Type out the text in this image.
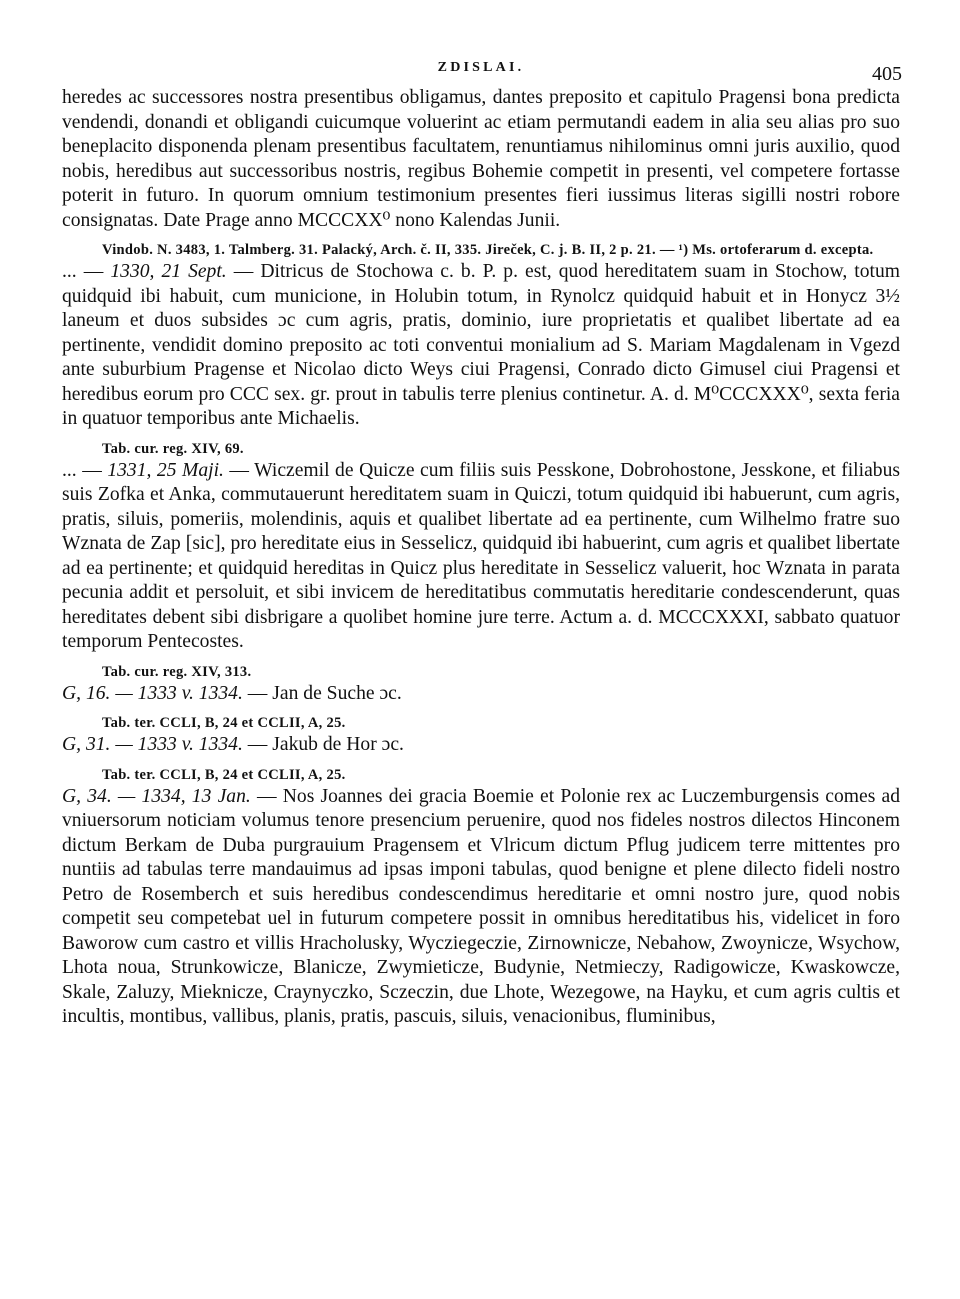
ZDISLAI.	405

heredes ac successores nostra presentibus obligamus, dantes preposito et capitulo Pragensi bona predicta vendendi, donandi et obligandi cuicumque voluerint ac etiam permutandi eadem in alia seu alias pro suo beneplacito disponenda plenam presentibus facultatem, renuntiamus nihilominus omni juris auxilio, quod nobis, heredibus aut successoribus nostris, regibus Bohemie competit in presenti, vel competere fortasse poterit in futuro. In quorum omnium testimonium presentes fieri iussimus literas sigilli nostri robore consignatas. Date Prage anno MCCCXX⁰ nono Kalendas Junii.

Vindob. N. 3483, 1. Talmberg. 31. Palacký, Arch. č. II, 335. Jireček, C. j. B. II, 2 p. 21. — ¹) Ms. ortoferarum d. excepta.

... — 1330, 21 Sept. — Ditricus de Stochowa c. b. P. p. est, quod hereditatem suam in Stochow, totum quidquid ibi habuit, cum municione, in Holubin totum, in Rynolcz quidquid habuit et in Honycz 3½ laneum et duos subsides ɔc cum agris, pratis, dominio, iure proprietatis et qualibet libertate ad ea pertinente, vendidit domino preposito ac toti conventui monialium ad S. Mariam Magdalenam in Vgezd ante suburbium Pragense et Nicolao dicto Weys ciui Pragensi, Conrado dicto Gimusel ciui Pragensi et heredibus eorum pro CCC sex. gr. prout in tabulis terre plenius continetur. A. d. M⁰CCCXXX⁰, sexta feria in quatuor temporibus ante Michaelis.

Tab. cur. reg. XIV, 69.

... — 1331, 25 Maji. — Wiczemil de Quicze cum filiis suis Pesskone, Dobrohostone, Jesskone, et filiabus suis Zofka et Anka, commutauerunt hereditatem suam in Quiczi, totum quidquid ibi habuerunt, cum agris, pratis, siluis, pomeriis, molendinis, aquis et qualibet libertate ad ea pertinente, cum Wilhelmo fratre suo Wznata de Zap [sic], pro hereditate eius in Sesselicz, quidquid ibi habuerint, cum agris et qualibet libertate ad ea pertinente; et quidquid hereditas in Quicz plus hereditate in Sesselicz valuerit, hoc Wznata in parata pecunia addit et persoluit, et sibi invicem de hereditatibus commutatis hereditarie condescenderunt, quas hereditates debent sibi disbrigare a quolibet homine jure terre. Actum a. d. MCCCXXXI, sabbato quatuor temporum Pentecostes.

Tab. cur. reg. XIV, 313.

G, 16. — 1333 v. 1334. — Jan de Suche ɔc.

Tab. ter. CCLI, B, 24 et CCLII, A, 25.

G, 31. — 1333 v. 1334. — Jakub de Hor ɔc.

Tab. ter. CCLI, B, 24 et CCLII, A, 25.

G, 34. — 1334, 13 Jan. — Nos Joannes dei gracia Boemie et Polonie rex ac Luczemburgensis comes ad vniuersorum noticiam volumus tenore presencium peruenire, quod nos fideles nostros dilectos Hinconem dictum Berkam de Duba purgrauium Pragensem et Vlricum dictum Pflug judicem terre mittentes pro nuntiis ad tabulas terre mandauimus ad ipsas imponi tabulas, quod benigne et plene dilecto fideli nostro Petro de Rosemberch et suis heredibus condescendimus hereditarie et omni nostro jure, quod nobis competit seu competebat uel in futurum competere possit in omnibus hereditatibus his, videlicet in foro Baworow cum castro et villis Hracholusky, Wycziegeczie, Zirnownicze, Nebahow, Zwoynicze, Wsychow, Lhota noua, Strunkowicze, Blanicze, Zwymieticze, Budynie, Netmieczy, Radigowicze, Kwaskowcze, Skale, Zaluzy, Mieknicze, Craynyczko, Sczeczin, due Lhote, Wezegowe, na Hayku, et cum agris cultis et incultis, montibus, vallibus, planis, pratis, pascuis, siluis, venacionibus, fluminibus,
